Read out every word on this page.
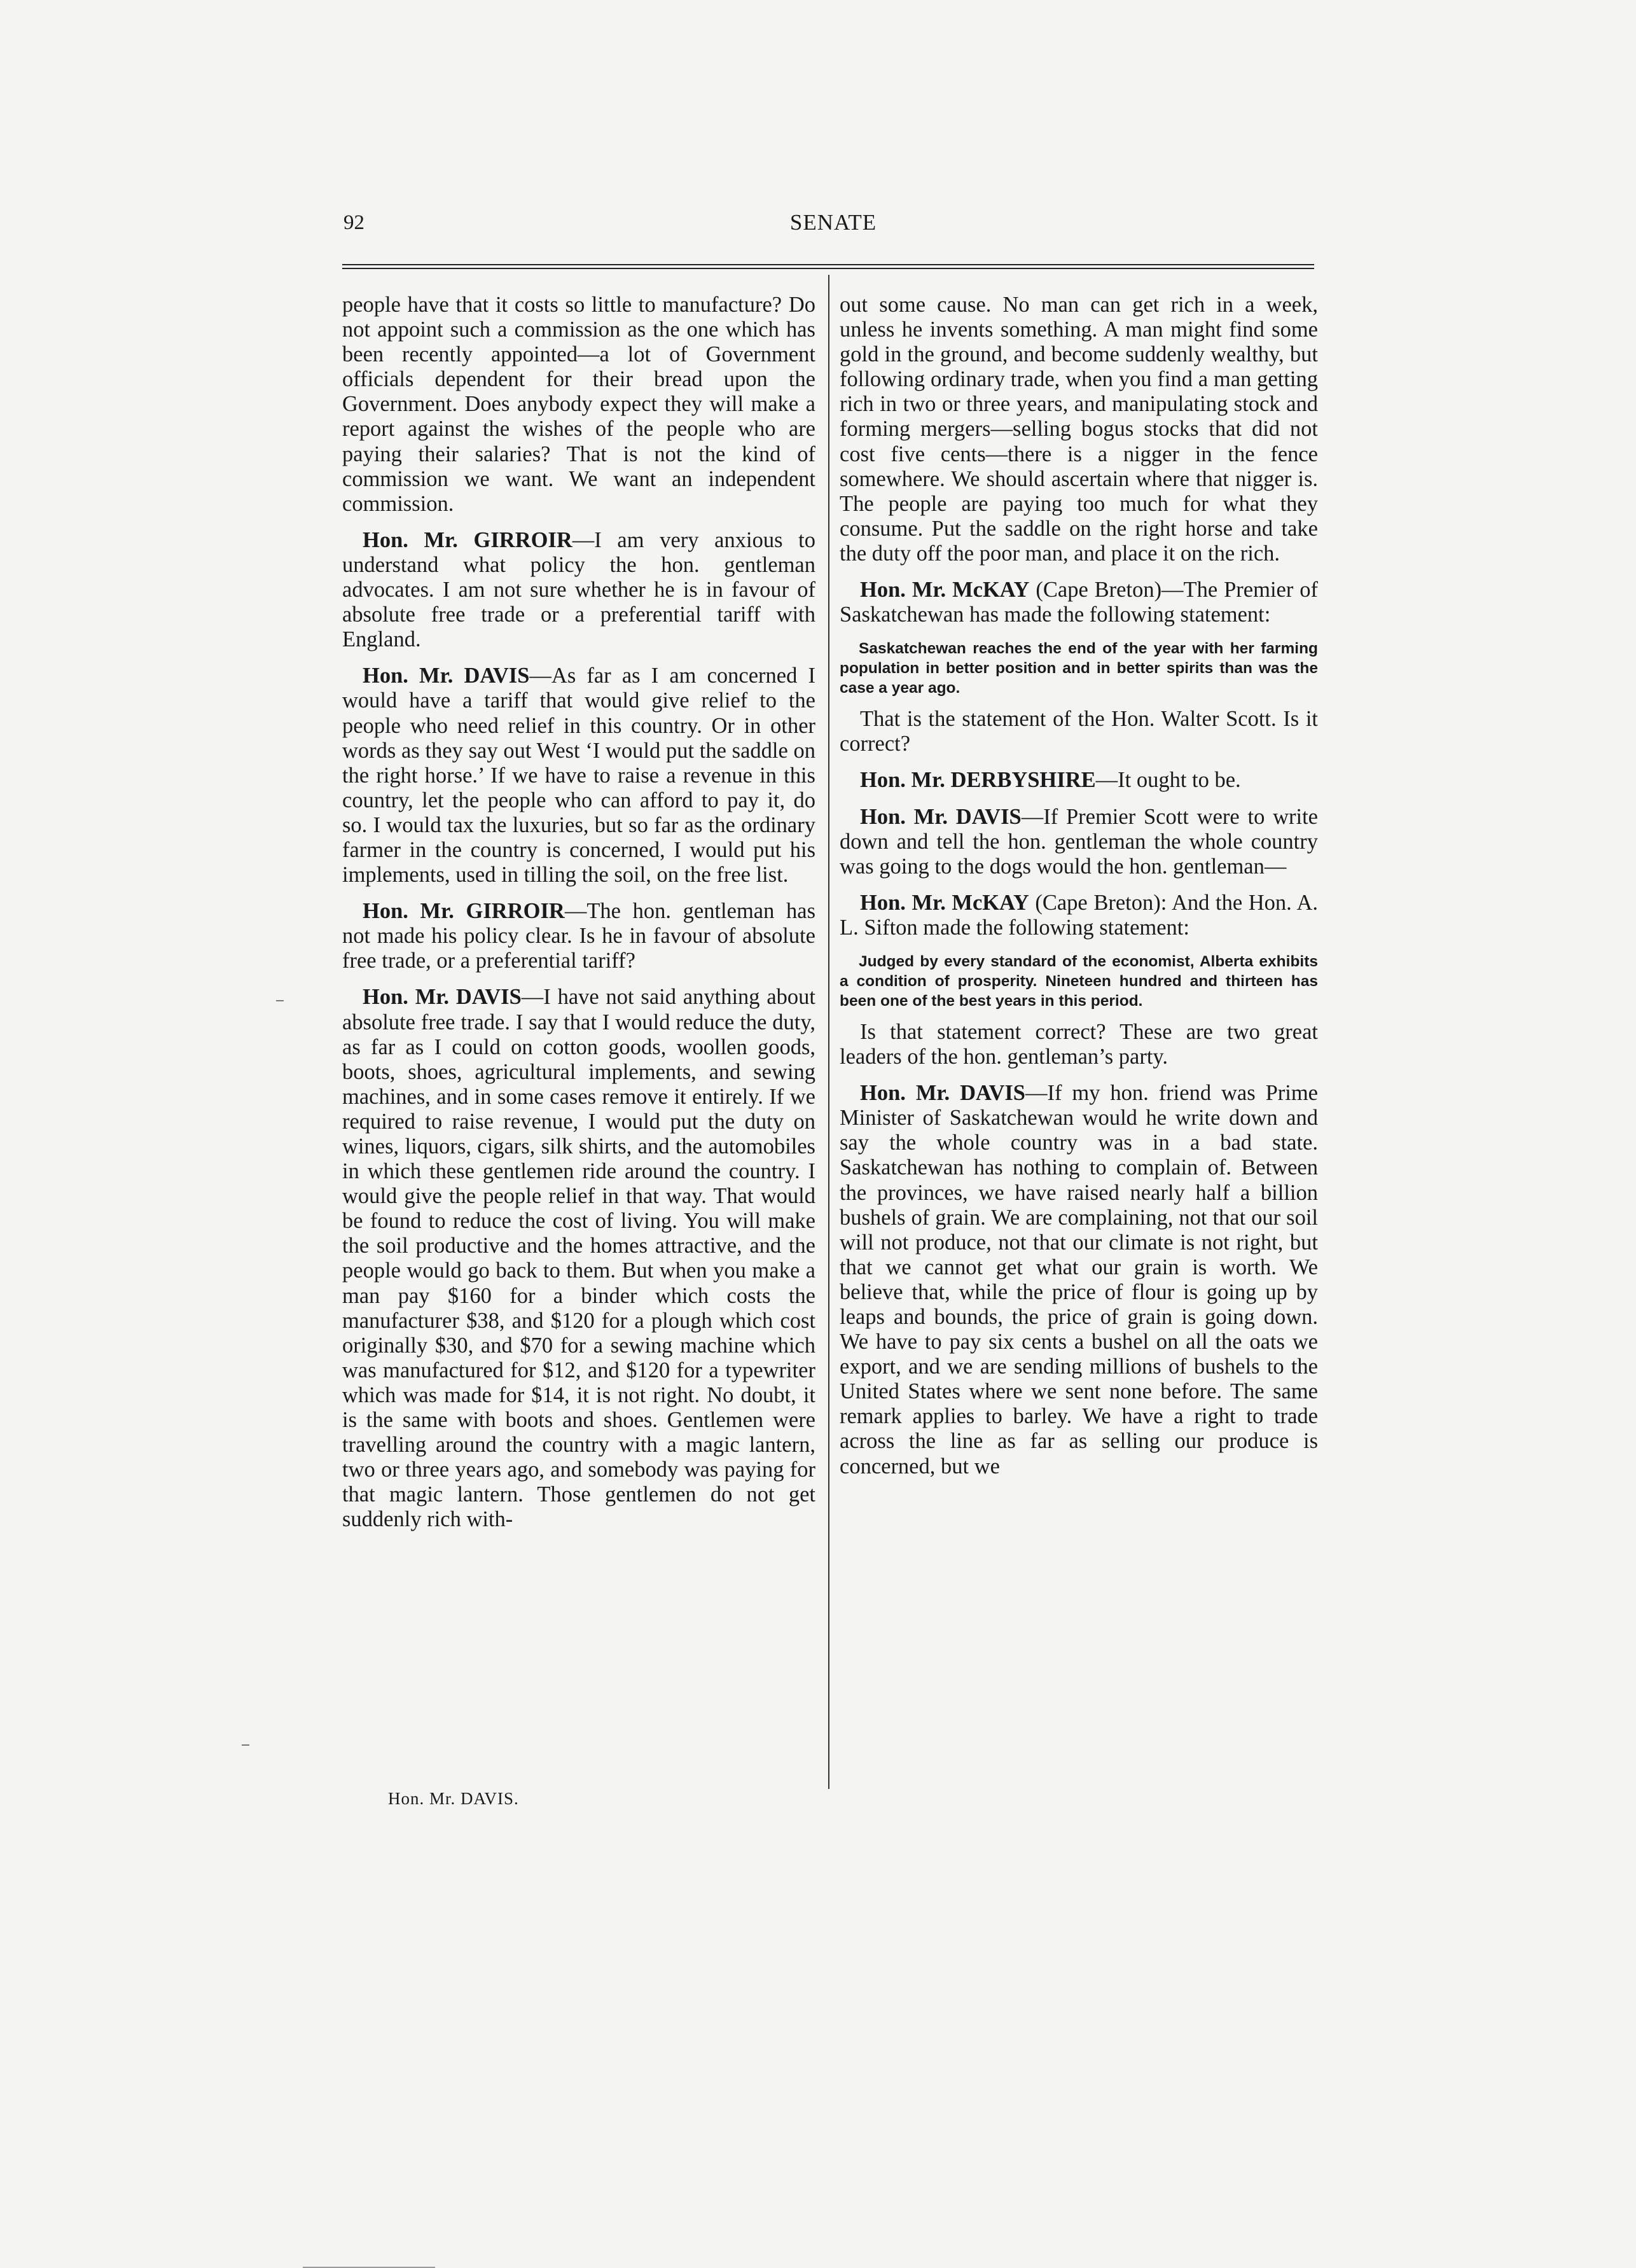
92	SENATE

people have that it costs so little to manufacture? Do not appoint such a commission as the one which has been recently appointed—a lot of Government officials dependent for their bread upon the Government. Does anybody expect they will make a report against the wishes of the people who are paying their salaries? That is not the kind of commission we want. We want an independent commission.

Hon. Mr. GIRROIR—I am very anxious to understand what policy the hon. gentleman advocates. I am not sure whether he is in favour of absolute free trade or a preferential tariff with England.

Hon. Mr. DAVIS—As far as I am concerned I would have a tariff that would give relief to the people who need relief in this country. Or in other words as they say out West ‘I would put the saddle on the right horse.’ If we have to raise a revenue in this country, let the people who can afford to pay it, do so. I would tax the luxuries, but so far as the ordinary farmer in the country is concerned, I would put his implements, used in tilling the soil, on the free list.

Hon. Mr. GIRROIR—The hon. gentleman has not made his policy clear. Is he in favour of absolute free trade, or a preferential tariff?

Hon. Mr. DAVIS—I have not said anything about absolute free trade. I say that I would reduce the duty, as far as I could on cotton goods, woollen goods, boots, shoes, agricultural implements, and sewing machines, and in some cases remove it entirely. If we required to raise revenue, I would put the duty on wines, liquors, cigars, silk shirts, and the automobiles in which these gentlemen ride around the country. I would give the people relief in that way. That would be found to reduce the cost of living. You will make the soil productive and the homes attractive, and the people would go back to them. But when you make a man pay $160 for a binder which costs the manufacturer $38, and $120 for a plough which cost originally $30, and $70 for a sewing machine which was manufactured for $12, and $120 for a typewriter which was made for $14, it is not right. No doubt, it is the same with boots and shoes. Gentlemen were travelling around the country with a magic lantern, two or three years ago, and somebody was paying for that magic lantern. Those gentlemen do not get suddenly rich with-

out some cause. No man can get rich in a week, unless he invents something. A man might find some gold in the ground, and become suddenly wealthy, but following ordinary trade, when you find a man getting rich in two or three years, and manipulating stock and forming mergers—selling bogus stocks that did not cost five cents—there is a nigger in the fence somewhere. We should ascertain where that nigger is. The people are paying too much for what they consume. Put the saddle on the right horse and take the duty off the poor man, and place it on the rich.

Hon. Mr. McKAY (Cape Breton)—The Premier of Saskatchewan has made the following statement:

Saskatchewan reaches the end of the year with her farming population in better position and in better spirits than was the case a year ago.

That is the statement of the Hon. Walter Scott. Is it correct?

Hon. Mr. DERBYSHIRE—It ought to be.

Hon. Mr. DAVIS—If Premier Scott were to write down and tell the hon. gentleman the whole country was going to the dogs would the hon. gentleman—

Hon. Mr. McKAY (Cape Breton): And the Hon. A. L. Sifton made the following statement:

Judged by every standard of the economist, Alberta exhibits a condition of prosperity. Nineteen hundred and thirteen has been one of the best years in this period.

Is that statement correct? These are two great leaders of the hon. gentleman’s party.

Hon. Mr. DAVIS—If my hon. friend was Prime Minister of Saskatchewan would he write down and say the whole country was in a bad state. Saskatchewan has nothing to complain of. Between the provinces, we have raised nearly half a billion bushels of grain. We are complaining, not that our soil will not produce, not that our climate is not right, but that we cannot get what our grain is worth. We believe that, while the price of flour is going up by leaps and bounds, the price of grain is going down. We have to pay six cents a bushel on all the oats we export, and we are sending millions of bushels to the United States where we sent none before. The same remark applies to barley. We have a right to trade across the line as far as selling our produce is concerned, but we

Hon. Mr. DAVIS.
